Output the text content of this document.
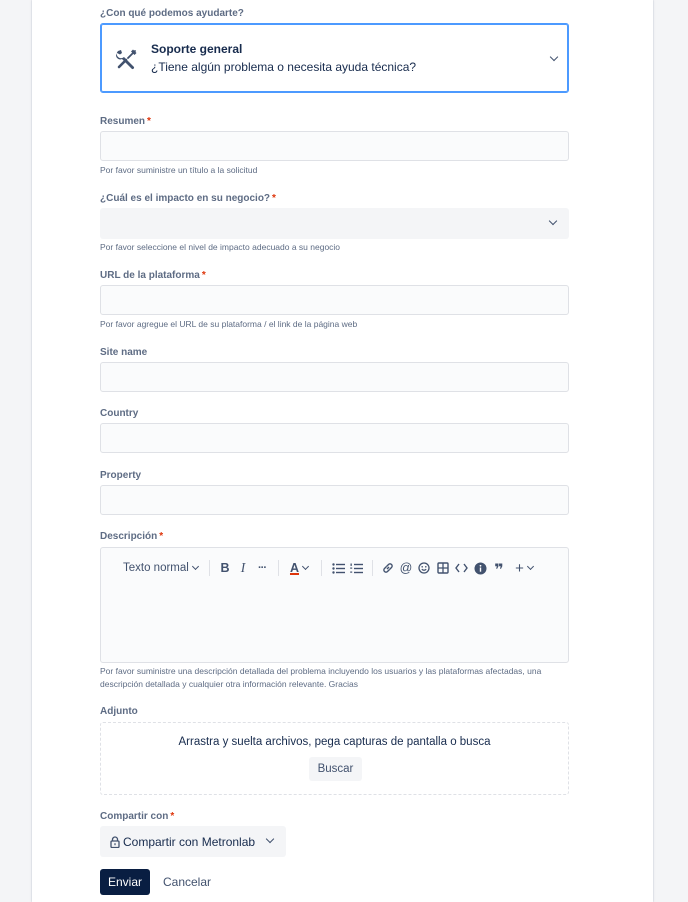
¿Con qué podemos ayudarte?
Soporte general
¿Tiene algún problema o necesita ayuda técnica?
Resumen *
Por favor suministre un título a la solicitud
¿Cuál es el impacto en su negocio? *
Por favor seleccione el nivel de impacto adecuado a su negocio
URL de la plataforma *
Por favor agregue el URL de su plataforma / el link de la página web
Site name
Country
Property
Descripción *
Texto normal	B I ··· A	@	❞ +
Por favor suministre una descripción detallada del problema incluyendo los usuarios y las plataformas afectadas, una
descripción detallada y cualquier otra información relevante. Gracias
Adjunto
Arrastra y suelta archivos, pega capturas de pantalla o busca
Buscar
Compartir con *
Compartir con Metronlab
Enviar	Cancelar
